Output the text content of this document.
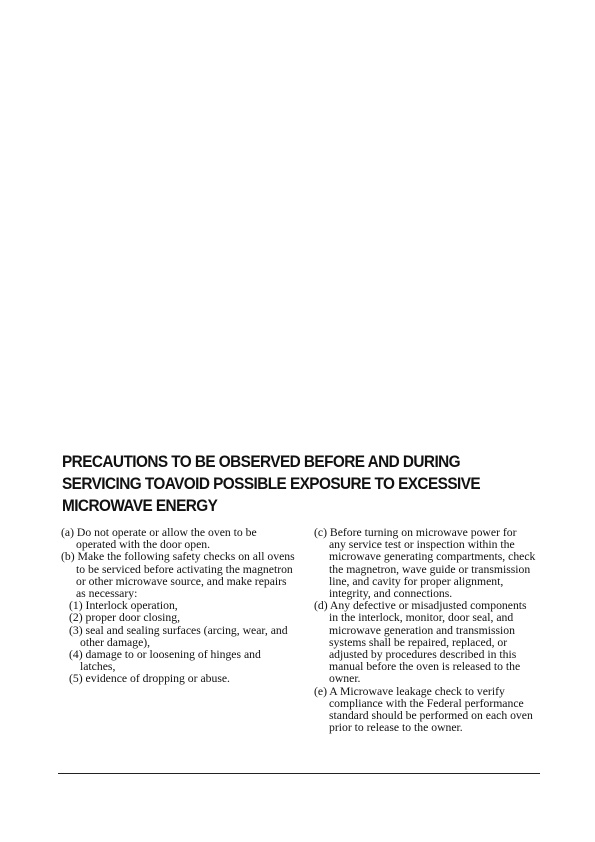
PRECAUTIONS TO BE OBSERVED BEFORE AND DURING
SERVICING TOAVOID POSSIBLE EXPOSURE TO EXCESSIVE
MICROWAVE ENERGY

(a) Do not operate or allow the oven to be operated with the door open.

(b) Make the following safety checks on all ovens to be serviced before activating the magnetron or other microwave source, and make repairs as necessary:

(1) Interlock operation,

(2) proper door closing,

(3) seal and sealing surfaces (arcing, wear, and other damage),

(4) damage to or loosening of hinges and latches,

(5) evidence of dropping or abuse.

(c) Before turning on microwave power for any service test or inspection within the microwave generating compartments, check the magnetron, wave guide or transmission line, and cavity for proper alignment, integrity, and connections.

(d) Any defective or misadjusted components in the interlock, monitor, door seal, and microwave generation and transmission systems shall be repaired, replaced, or adjusted by procedures described in this manual before the oven is released to the owner.

(e) A Microwave leakage check to verify compliance with the Federal performance standard should be performed on each oven prior to release to the owner.
